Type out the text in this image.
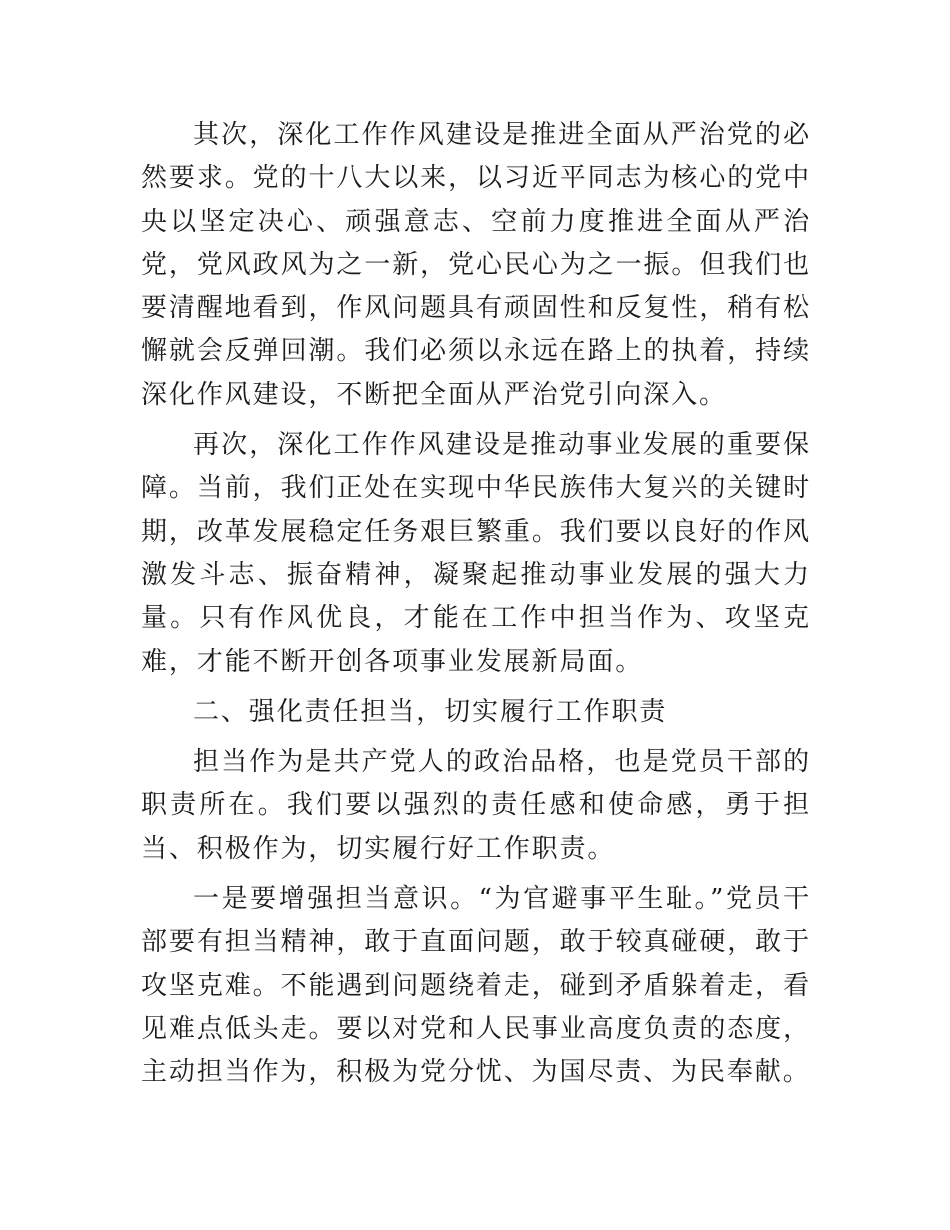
其次，深化工作作风建设是推进全面从严治党的必然要求。党的十八大以来，以习近平同志为核心的党中央以坚定决心、顽强意志、空前力度推进全面从严治党，党风政风为之一新，党心民心为之一振。但我们也要清醒地看到，作风问题具有顽固性和反复性，稍有松懈就会反弹回潮。我们必须以永远在路上的执着，持续深化作风建设，不断把全面从严治党引向深入。

再次，深化工作作风建设是推动事业发展的重要保障。当前，我们正处在实现中华民族伟大复兴的关键时期，改革发展稳定任务艰巨繁重。我们要以良好的作风激发斗志、振奋精神，凝聚起推动事业发展的强大力量。只有作风优良，才能在工作中担当作为、攻坚克难，才能不断开创各项事业发展新局面。

二、强化责任担当，切实履行工作职责

担当作为是共产党人的政治品格，也是党员干部的职责所在。我们要以强烈的责任感和使命感，勇于担当、积极作为，切实履行好工作职责。

一是要增强担当意识。“为官避事平生耻。”党员干部要有担当精神，敢于直面问题，敢于较真碰硬，敢于攻坚克难。不能遇到问题绕着走，碰到矛盾躲着走，看见难点低头走。要以对党和人民事业高度负责的态度，主动担当作为，积极为党分忧、为国尽责、为民奉献。
